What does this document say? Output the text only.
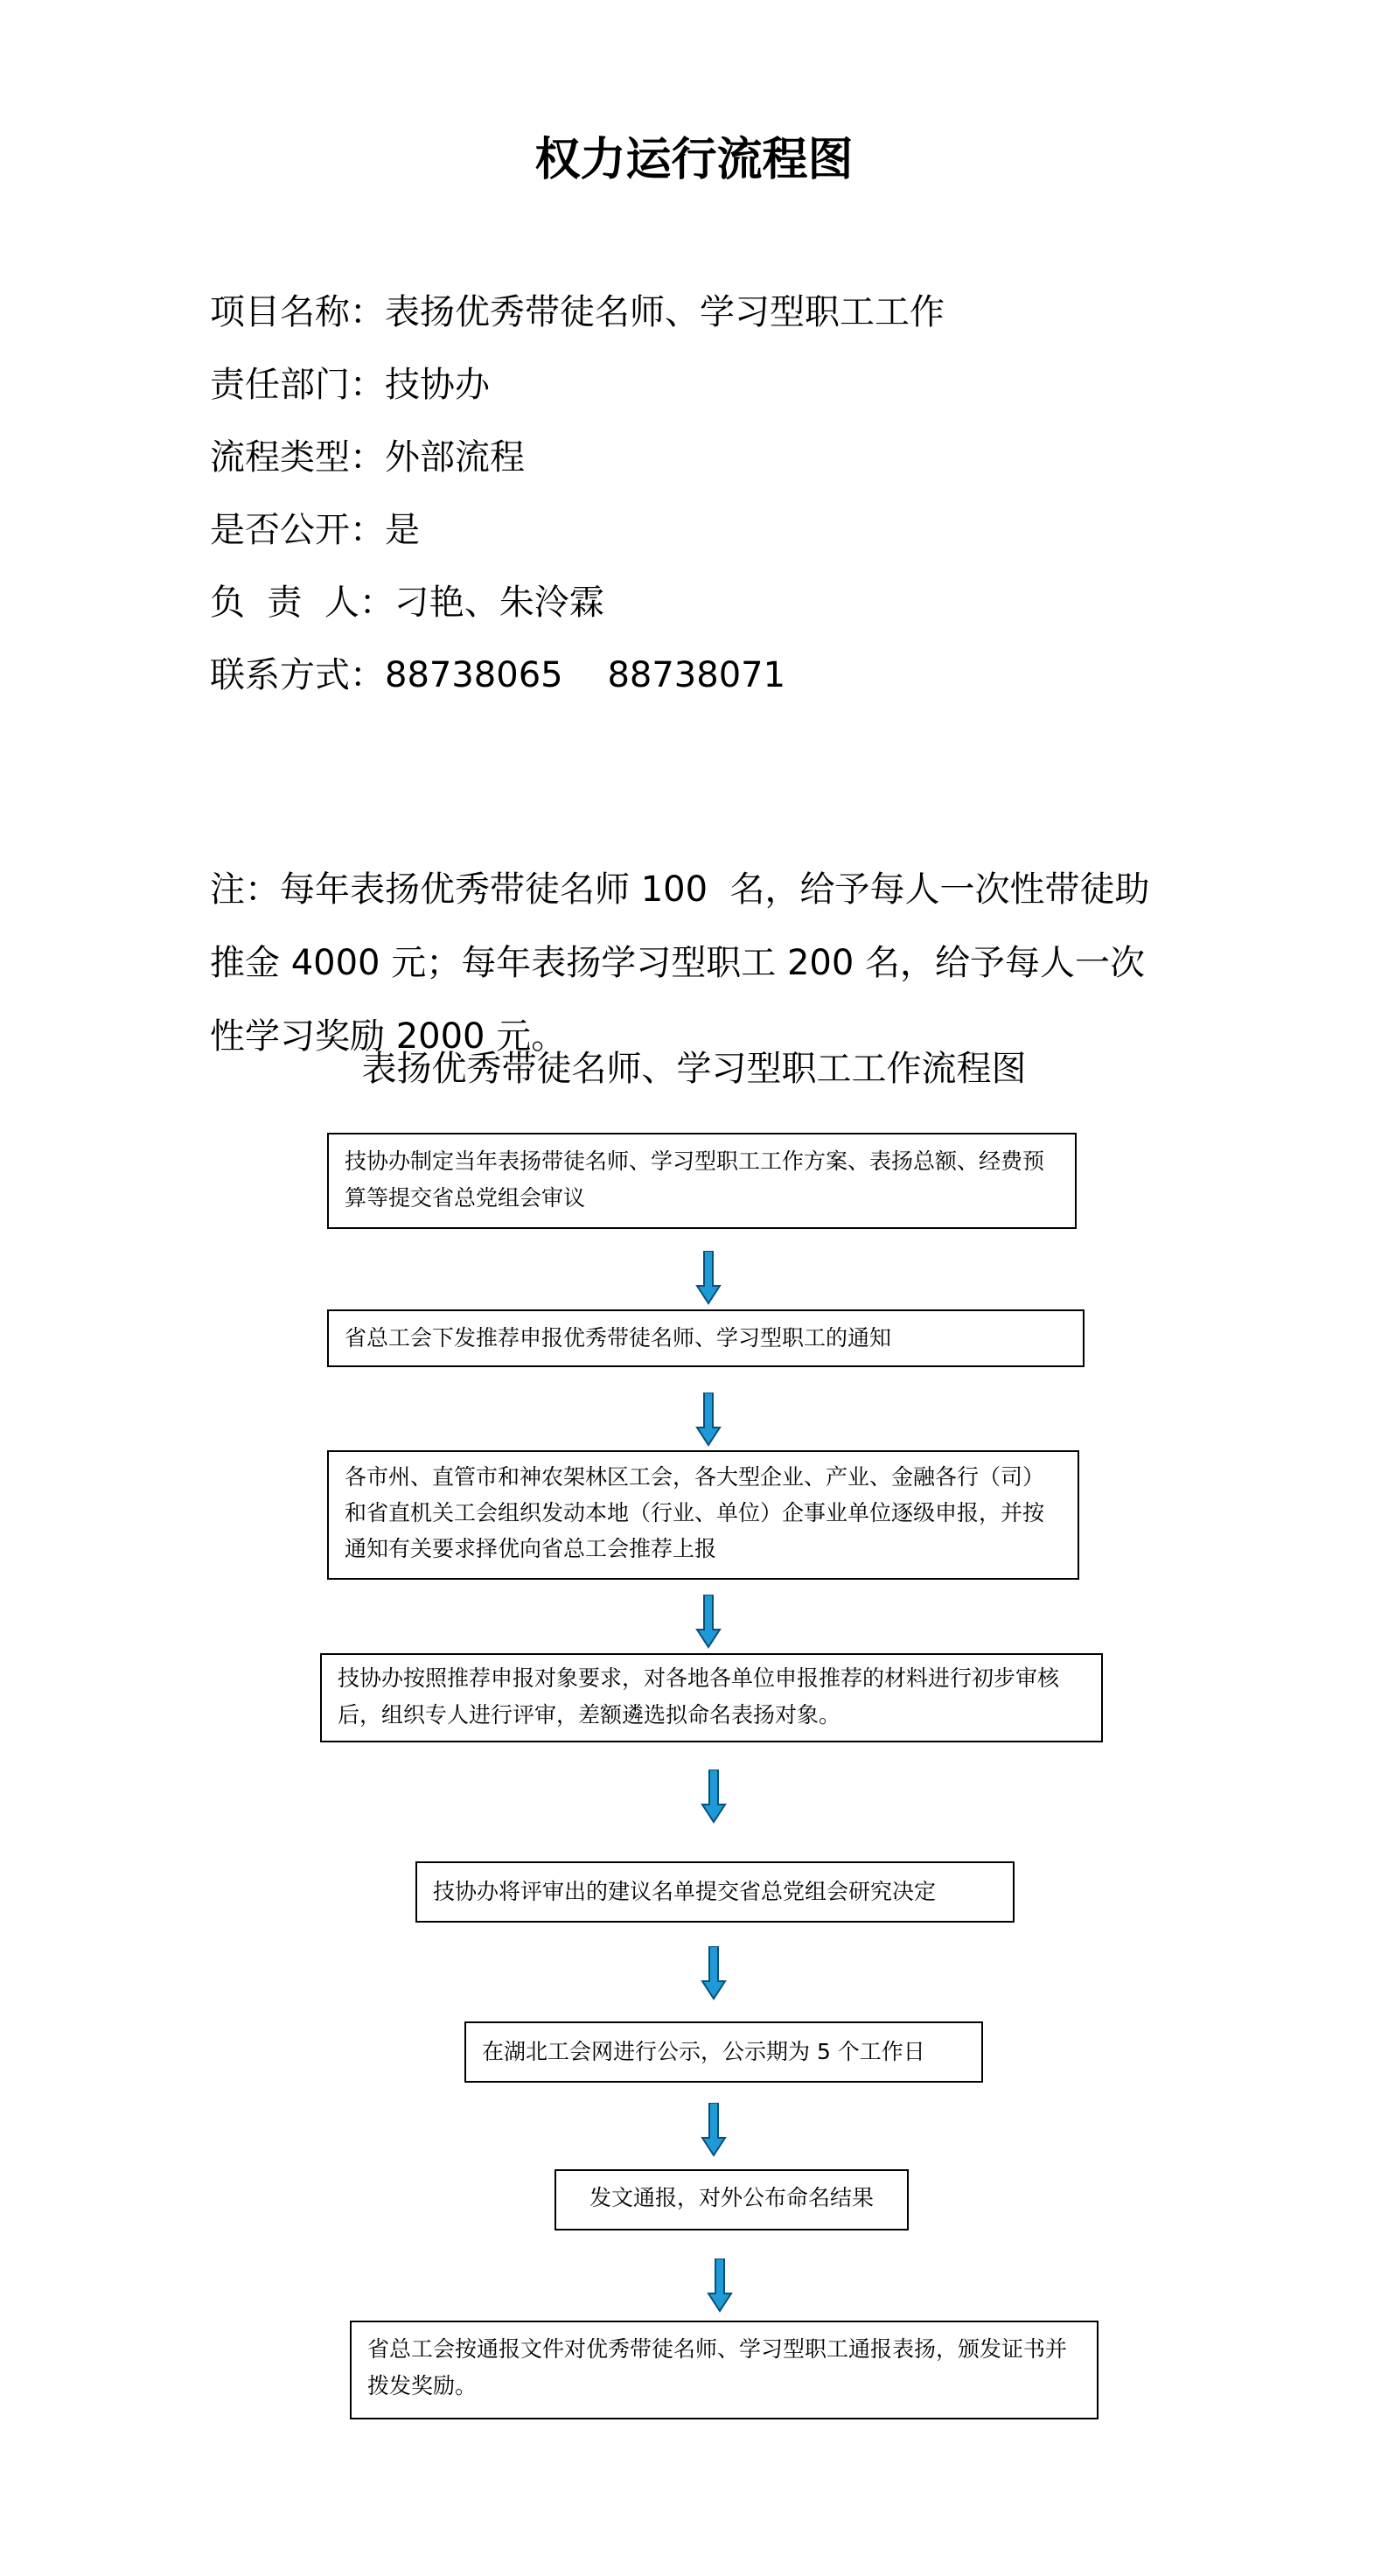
权力运行流程图
项目名称：表扬优秀带徒名师、学习型职工工作
责任部门：技协办
流程类型：外部流程
是否公开：是
负  责  人：刁艳、朱泠霖
联系方式：88738065    88738071

注：每年表扬优秀带徒名师 100  名，给予每人一次性带徒助

推金 4000 元；每年表扬学习型职工 200 名，给予每人一次

性学习奖励 2000 元。

表扬优秀带徒名师、学习型职工工作流程图
技协办制定当年表扬带徒名师、学习型职工工作方案、表扬总额、经费预算等提交省总党组会审议
省总工会下发推荐申报优秀带徒名师、学习型职工的通知
各市州、直管市和神农架林区工会，各大型企业、产业、金融各行（司）和省直机关工会组织发动本地（行业、单位）企事业单位逐级申报，并按通知有关要求择优向省总工会推荐上报
技协办按照推荐申报对象要求，对各地各单位申报推荐的材料进行初步审核后，组织专人进行评审，差额遴选拟命名表扬对象。
技协办将评审出的建议名单提交省总党组会研究决定
在湖北工会网进行公示，公示期为 5 个工作日
发文通报，对外公布命名结果
省总工会按通报文件对优秀带徒名师、学习型职工通报表扬，颁发证书并拨发奖励。
